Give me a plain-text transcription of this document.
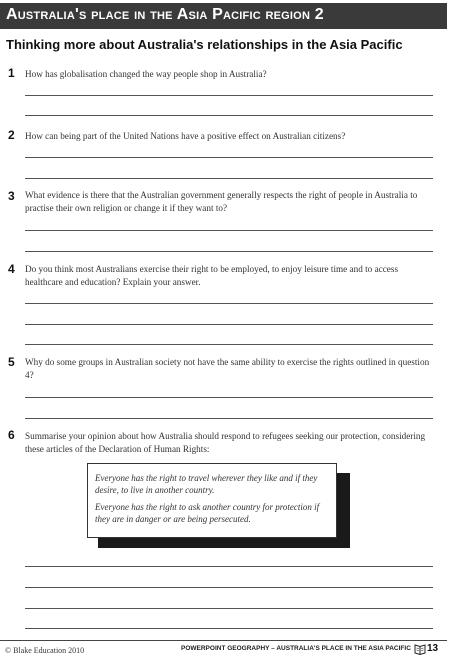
Australia's place in the Asia Pacific region 2
Thinking more about Australia's relationships in the Asia Pacific
1 How has globalisation changed the way people shop in Australia?
2 How can being part of the United Nations have a positive effect on Australian citizens?
3 What evidence is there that the Australian government generally respects the right of people in Australia to practise their own religion or change it if they want to?
4 Do you think most Australians exercise their right to be employed, to enjoy leisure time and to access healthcare and education? Explain your answer.
5 Why do some groups in Australian society not have the same ability to exercise the rights outlined in question 4?
6 Summarise your opinion about how Australia should respond to refugees seeking our protection, considering these articles of the Declaration of Human Rights:

Everyone has the right to travel wherever they like and if they desire, to live in another country.

Everyone has the right to ask another country for protection if they are in danger or are being persecuted.

© Blake Education 2010	POWERPOINT GEOGRAPHY – AUSTRALIA'S PLACE IN THE ASIA PACIFIC 13
